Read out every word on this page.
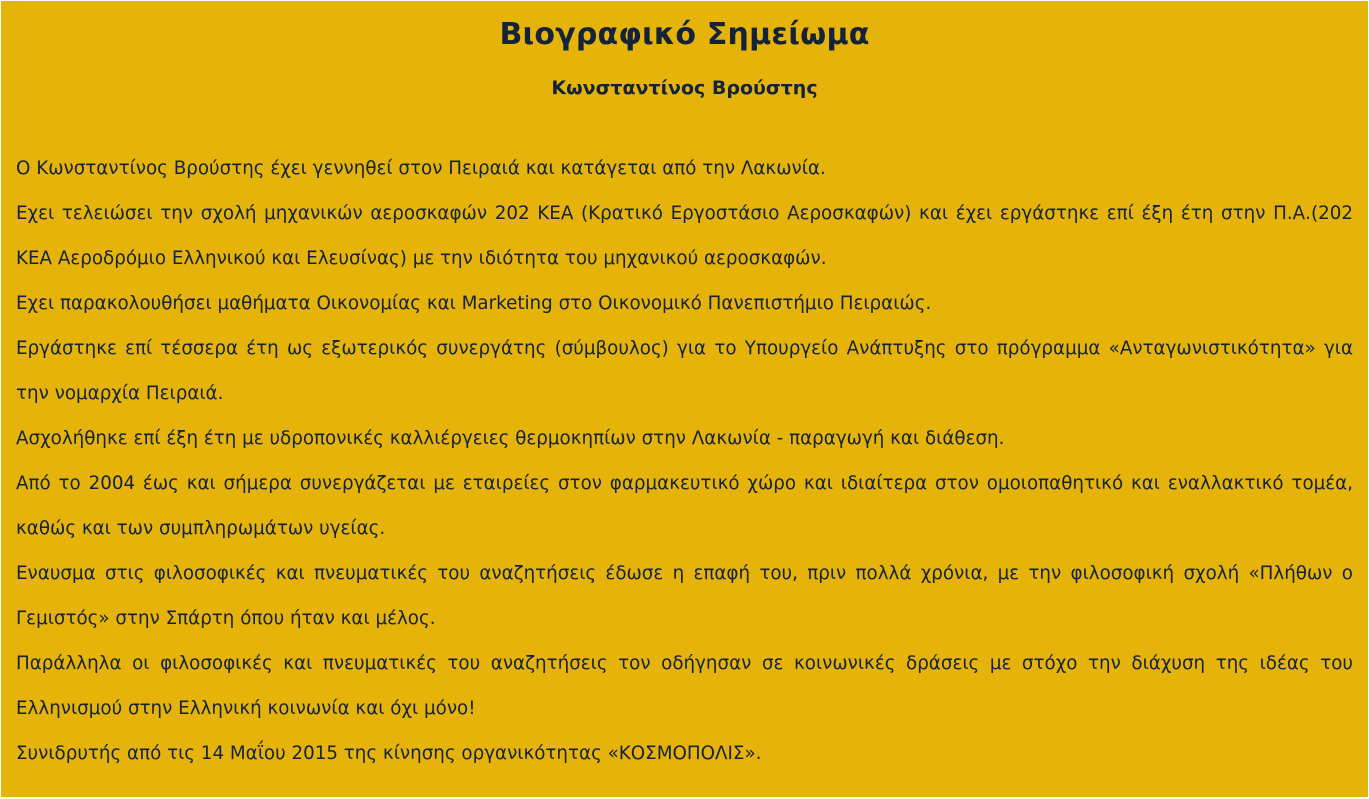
Βιογραφικό Σημείωμα
Κωνσταντίνος Βρούστης

Ο Κωνσταντίνος Βρούστης έχει γεννηθεί στον Πειραιά και κατάγεται από την Λακωνία.

Εχει τελειώσει την σχολή μηχανικών αεροσκαφών 202 ΚΕΑ (Κρατικό Εργοστάσιο Αεροσκαφών) και έχει εργάστηκε επί έξη έτη στην Π.Α.(202 ΚΕΑ Αεροδρόμιο Ελληνικού και Ελευσίνας) με την ιδιότητα του μηχανικού αεροσκαφών.

Εχει παρακολουθήσει μαθήματα Οικονομίας και Marketing στο Οικονομικό Πανεπιστήμιο Πειραιώς.

Εργάστηκε επί τέσσερα έτη ως εξωτερικός συνεργάτης (σύμβουλος) για το Υπουργείο Ανάπτυξης στο πρόγραμμα «Ανταγωνιστικότητα» για την νομαρχία Πειραιά.

Ασχολήθηκε επί έξη έτη με υδροπονικές καλλιέργειες θερμοκηπίων στην Λακωνία - παραγωγή και διάθεση.

Από το 2004 έως και σήμερα συνεργάζεται με εταιρείες στον φαρμακευτικό χώρο και ιδιαίτερα στον ομοιοπαθητικό και εναλλακτικό τομέα, καθώς και των συμπληρωμάτων υγείας.

Εναυσμα στις φιλοσοφικές και πνευματικές του αναζητήσεις έδωσε η επαφή του, πριν πολλά χρόνια, με την φιλοσοφική σχολή «Πλήθων ο Γεμιστός» στην Σπάρτη όπου ήταν και μέλος.

Παράλληλα οι φιλοσοφικές και πνευματικές του αναζητήσεις τον οδήγησαν σε κοινωνικές δράσεις με στόχο την διάχυση της ιδέας του Ελληνισμού στην Ελληνική κοινωνία και όχι μόνο!

Συνιδρυτής από τις 14 Μαΐου 2015 της κίνησης οργανικότητας «ΚΟΣΜΟΠΟΛΙΣ».
